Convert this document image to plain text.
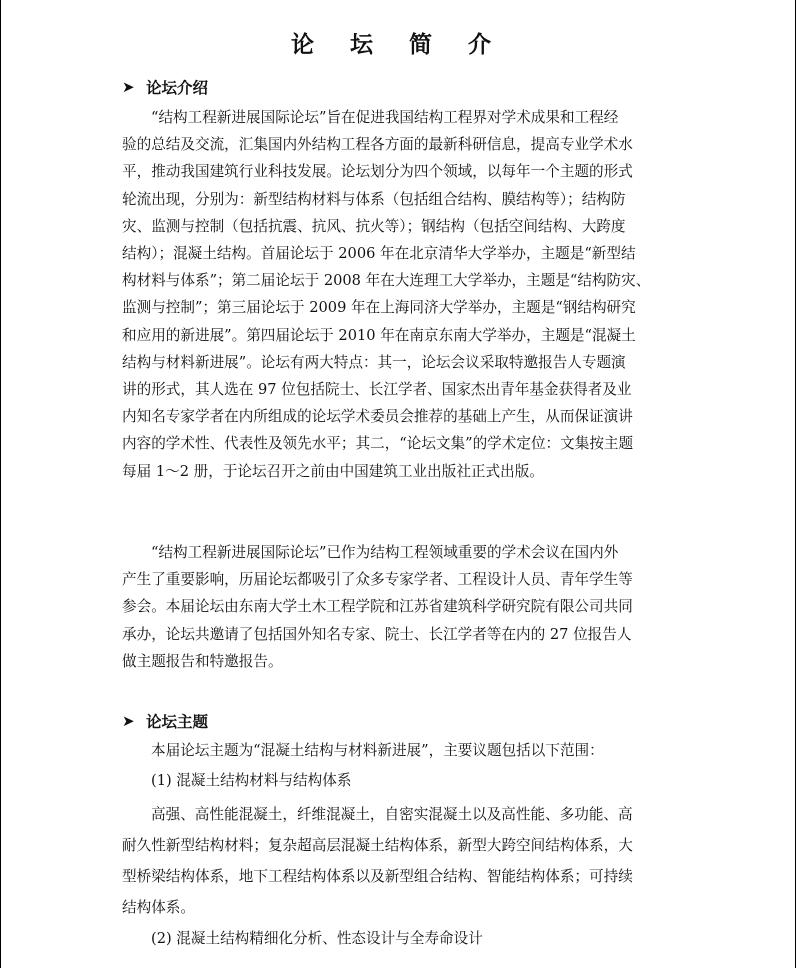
论 坛 简 介
➤ 论坛介绍
“结构工程新进展国际论坛”旨在促进我国结构工程界对学术成果和工程经
验的总结及交流，汇集国内外结构工程各方面的最新科研信息，提高专业学术水
平，推动我国建筑行业科技发展。论坛划分为四个领域，以每年一个主题的形式
轮流出现，分别为：新型结构材料与体系（包括组合结构、膜结构等）；结构防
灾、监测与控制（包括抗震、抗风、抗火等）；钢结构（包括空间结构、大跨度
结构）；混凝土结构。首届论坛于 2006 年在北京清华大学举办，主题是“新型结
构材料与体系”；第二届论坛于 2008 年在大连理工大学举办，主题是“结构防灾、
监测与控制”；第三届论坛于 2009 年在上海同济大学举办，主题是“钢结构研究
和应用的新进展”。第四届论坛于 2010 年在南京东南大学举办，主题是“混凝土
结构与材料新进展”。论坛有两大特点：其一，论坛会议采取特邀报告人专题演
讲的形式，其人选在 97 位包括院士、长江学者、国家杰出青年基金获得者及业
内知名专家学者在内所组成的论坛学术委员会推荐的基础上产生，从而保证演讲
内容的学术性、代表性及领先水平；其二，“论坛文集”的学术定位：文集按主题
每届 1～2 册，于论坛召开之前由中国建筑工业出版社正式出版。
“结构工程新进展国际论坛”已作为结构工程领域重要的学术会议在国内外
产生了重要影响，历届论坛都吸引了众多专家学者、工程设计人员、青年学生等
参会。本届论坛由东南大学土木工程学院和江苏省建筑科学研究院有限公司共同
承办，论坛共邀请了包括国外知名专家、院士、长江学者等在内的 27 位报告人
做主题报告和特邀报告。
➤ 论坛主题
本届论坛主题为“混凝土结构与材料新进展”，主要议题包括以下范围：
(1) 混凝土结构材料与结构体系
高强、高性能混凝土，纤维混凝土，自密实混凝土以及高性能、多功能、高
耐久性新型结构材料；复杂超高层混凝土结构体系，新型大跨空间结构体系，大
型桥梁结构体系，地下工程结构体系以及新型组合结构、智能结构体系；可持续
结构体系。
(2) 混凝土结构精细化分析、性态设计与全寿命设计
